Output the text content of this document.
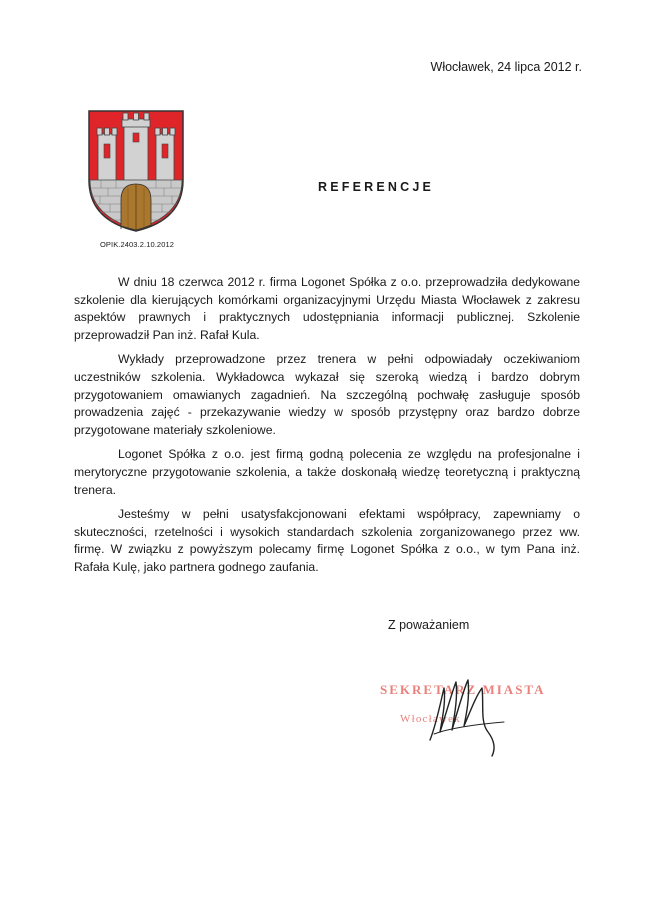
Włocławek, 24 lipca 2012 r.
OPIK.2403.2.10.2012
REFERENCJE

W dniu 18 czerwca 2012 r. firma Logonet Spółka z o.o. przeprowadziła dedykowane szkolenie dla kierujących komórkami organizacyjnymi Urzędu Miasta Włocławek z zakresu aspektów prawnych i praktycznych udostępniania informacji publicznej. Szkolenie przeprowadził Pan inż. Rafał Kula.

Wykłady przeprowadzone przez trenera w pełni odpowiadały oczekiwaniom uczestników szkolenia. Wykładowca wykazał się szeroką wiedzą i bardzo dobrym przygotowaniem omawianych zagadnień. Na szczególną pochwałę zasługuje sposób prowadzenia zajęć - przekazywanie wiedzy w sposób przystępny oraz bardzo dobrze przygotowane materiały szkoleniowe.

Logonet Spółka z o.o. jest firmą godną polecenia ze względu na profesjonalne i merytoryczne przygotowanie szkolenia, a także doskonałą wiedzę teoretyczną i praktyczną trenera.

Jesteśmy w pełni usatysfakcjonowani efektami współpracy, zapewniamy o skuteczności, rzetelności i wysokich standardach szkolenia zorganizowanego przez ww. firmę. W związku z powyższym polecamy firmę Logonet Spółka z o.o., w tym Pana inż. Rafała Kulę, jako partnera godnego zaufania.

Z poważaniem
SEKRETARZ MIASTA
Włocławek
